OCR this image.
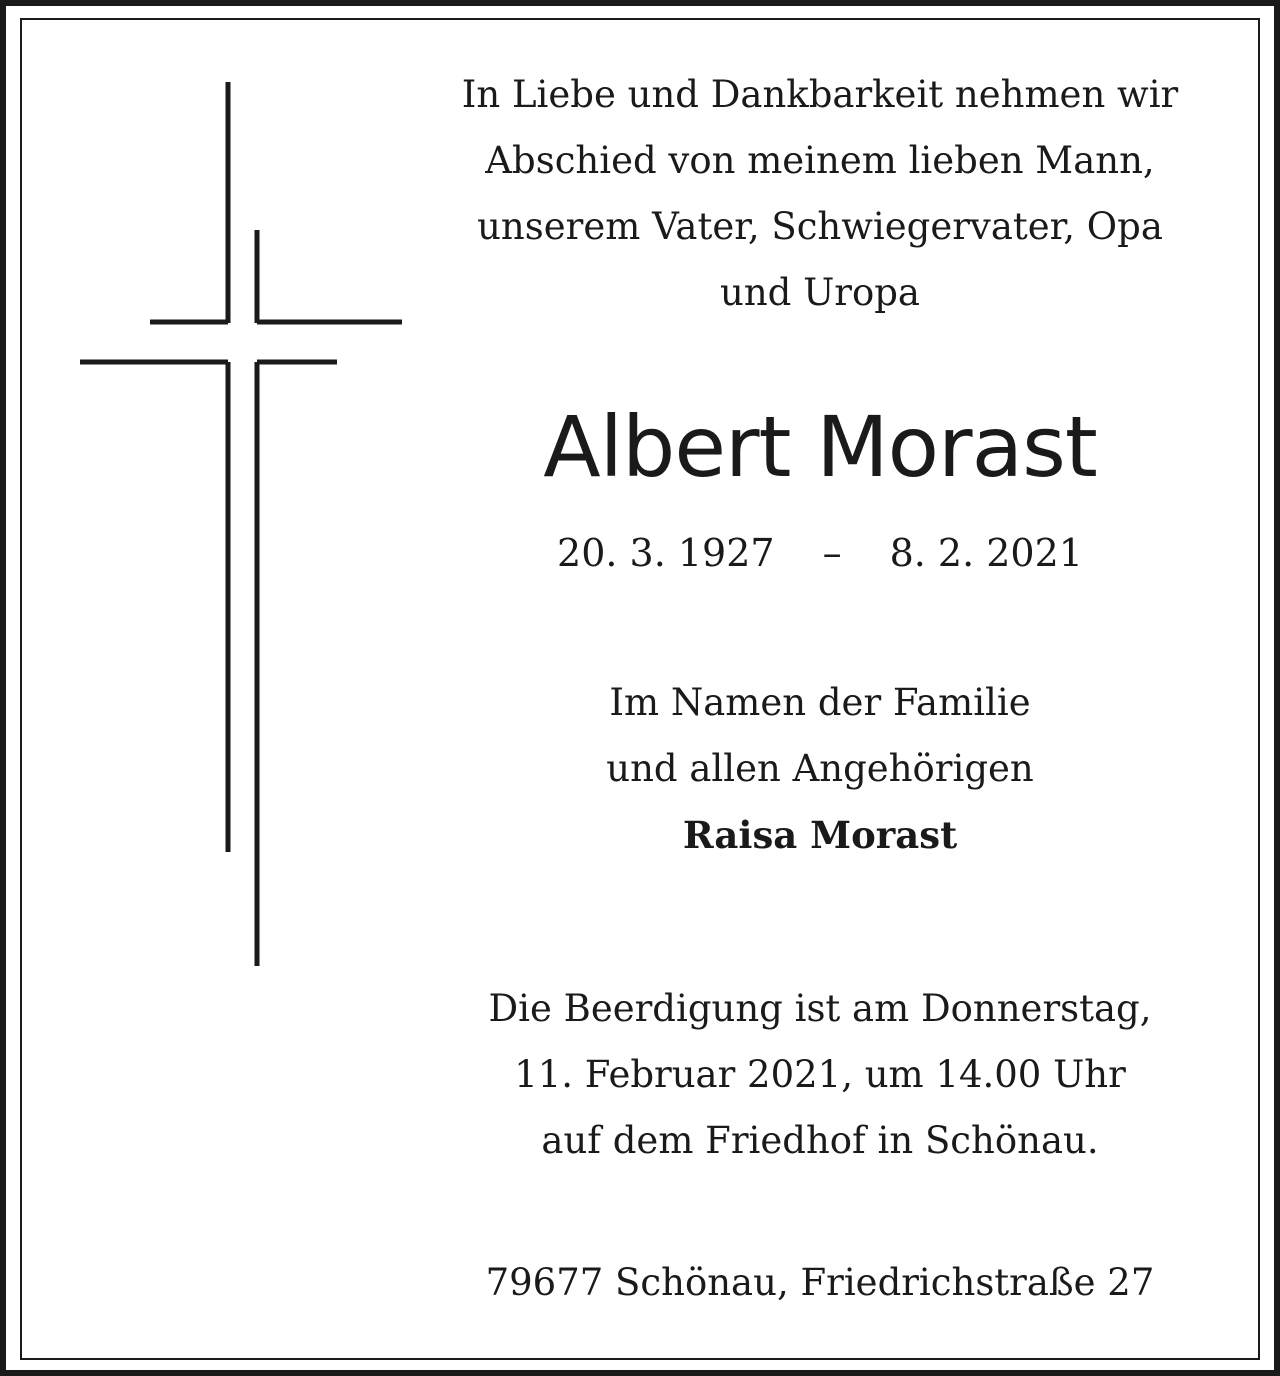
In Liebe und Dankbarkeit nehmen wir
Abschied von meinem lieben Mann,
unserem Vater, Schwiegervater, Opa
und Uropa
Albert Morast
20. 3. 1927 – 8. 2. 2021
Im Namen der Familie
und allen Angehörigen
Raisa Morast
Die Beerdigung ist am Donnerstag,
11. Februar 2021, um 14.00 Uhr
auf dem Friedhof in Schönau.
79677 Schönau, Friedrichstraße 27
